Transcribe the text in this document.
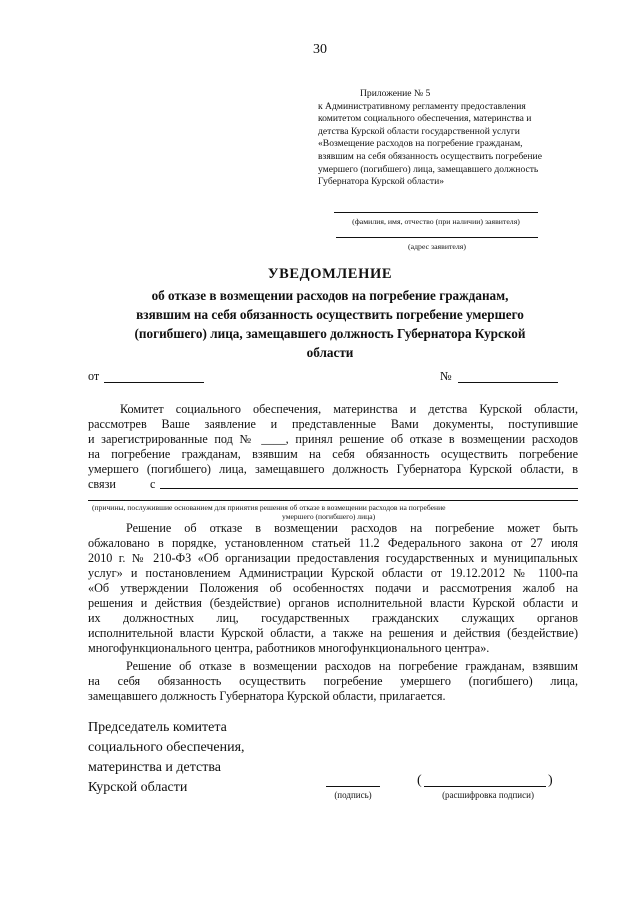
30
Приложение № 5
к Административному регламенту предоставления
комитетом социального обеспечения, материнства и
детства Курской области государственной услуги
«Возмещение расходов на погребение гражданам,
взявшим на себя обязанность осуществить погребение
умершего (погибшего) лица, замещавшего должность
Губернатора Курской области»
(фамилия, имя, отчество (при наличии) заявителя)
(адрес заявителя)
УВЕДОМЛЕНИЕ
об отказе в возмещении расходов на погребение гражданам,
взявшим на себя обязанность осуществить погребение умершего
(погибшего) лица, замещавшего должность Губернатора Курской
области
от	№
Комитет социального обеспечения, материнства и детства Курской области,
рассмотрев Ваше заявление и представленные Вами документы, поступившие
и зарегистрированные под № ____, принял решение об отказе в возмещении расходов
на погребение гражданам, взявшим на себя обязанность осуществить погребение
умершего (погибшего) лица, замещавшего должность Губернатора Курской области, в
связи	с
(причины, послужившие основанием для принятия решения об отказе в возмещении расходов на погребение
умершего (погибшего) лица)
Решение об отказе в возмещении расходов на погребение может быть
обжаловано в порядке, установленном статьей 11.2 Федерального закона от 27 июля
2010 г. № 210-ФЗ «Об организации предоставления государственных и муниципальных
услуг» и постановлением Администрации Курской области от 19.12.2012 № 1100-па
«Об утверждении Положения об особенностях подачи и рассмотрения жалоб на
решения и действия (бездействие) органов исполнительной власти Курской области и
их должностных лиц, государственных гражданских служащих органов
исполнительной власти Курской области, а также на решения и действия (бездействие)
многофункционального центра, работников многофункционального центра».
Решение об отказе в возмещении расходов на погребение гражданам, взявшим
на себя обязанность осуществить погребение умершего (погибшего) лица,
замещавшего должность Губернатора Курской области, прилагается.
Председатель комитета
социального обеспечения,
материнства и детства
Курской области	(подпись)
(	)
(расшифровка подписи)
